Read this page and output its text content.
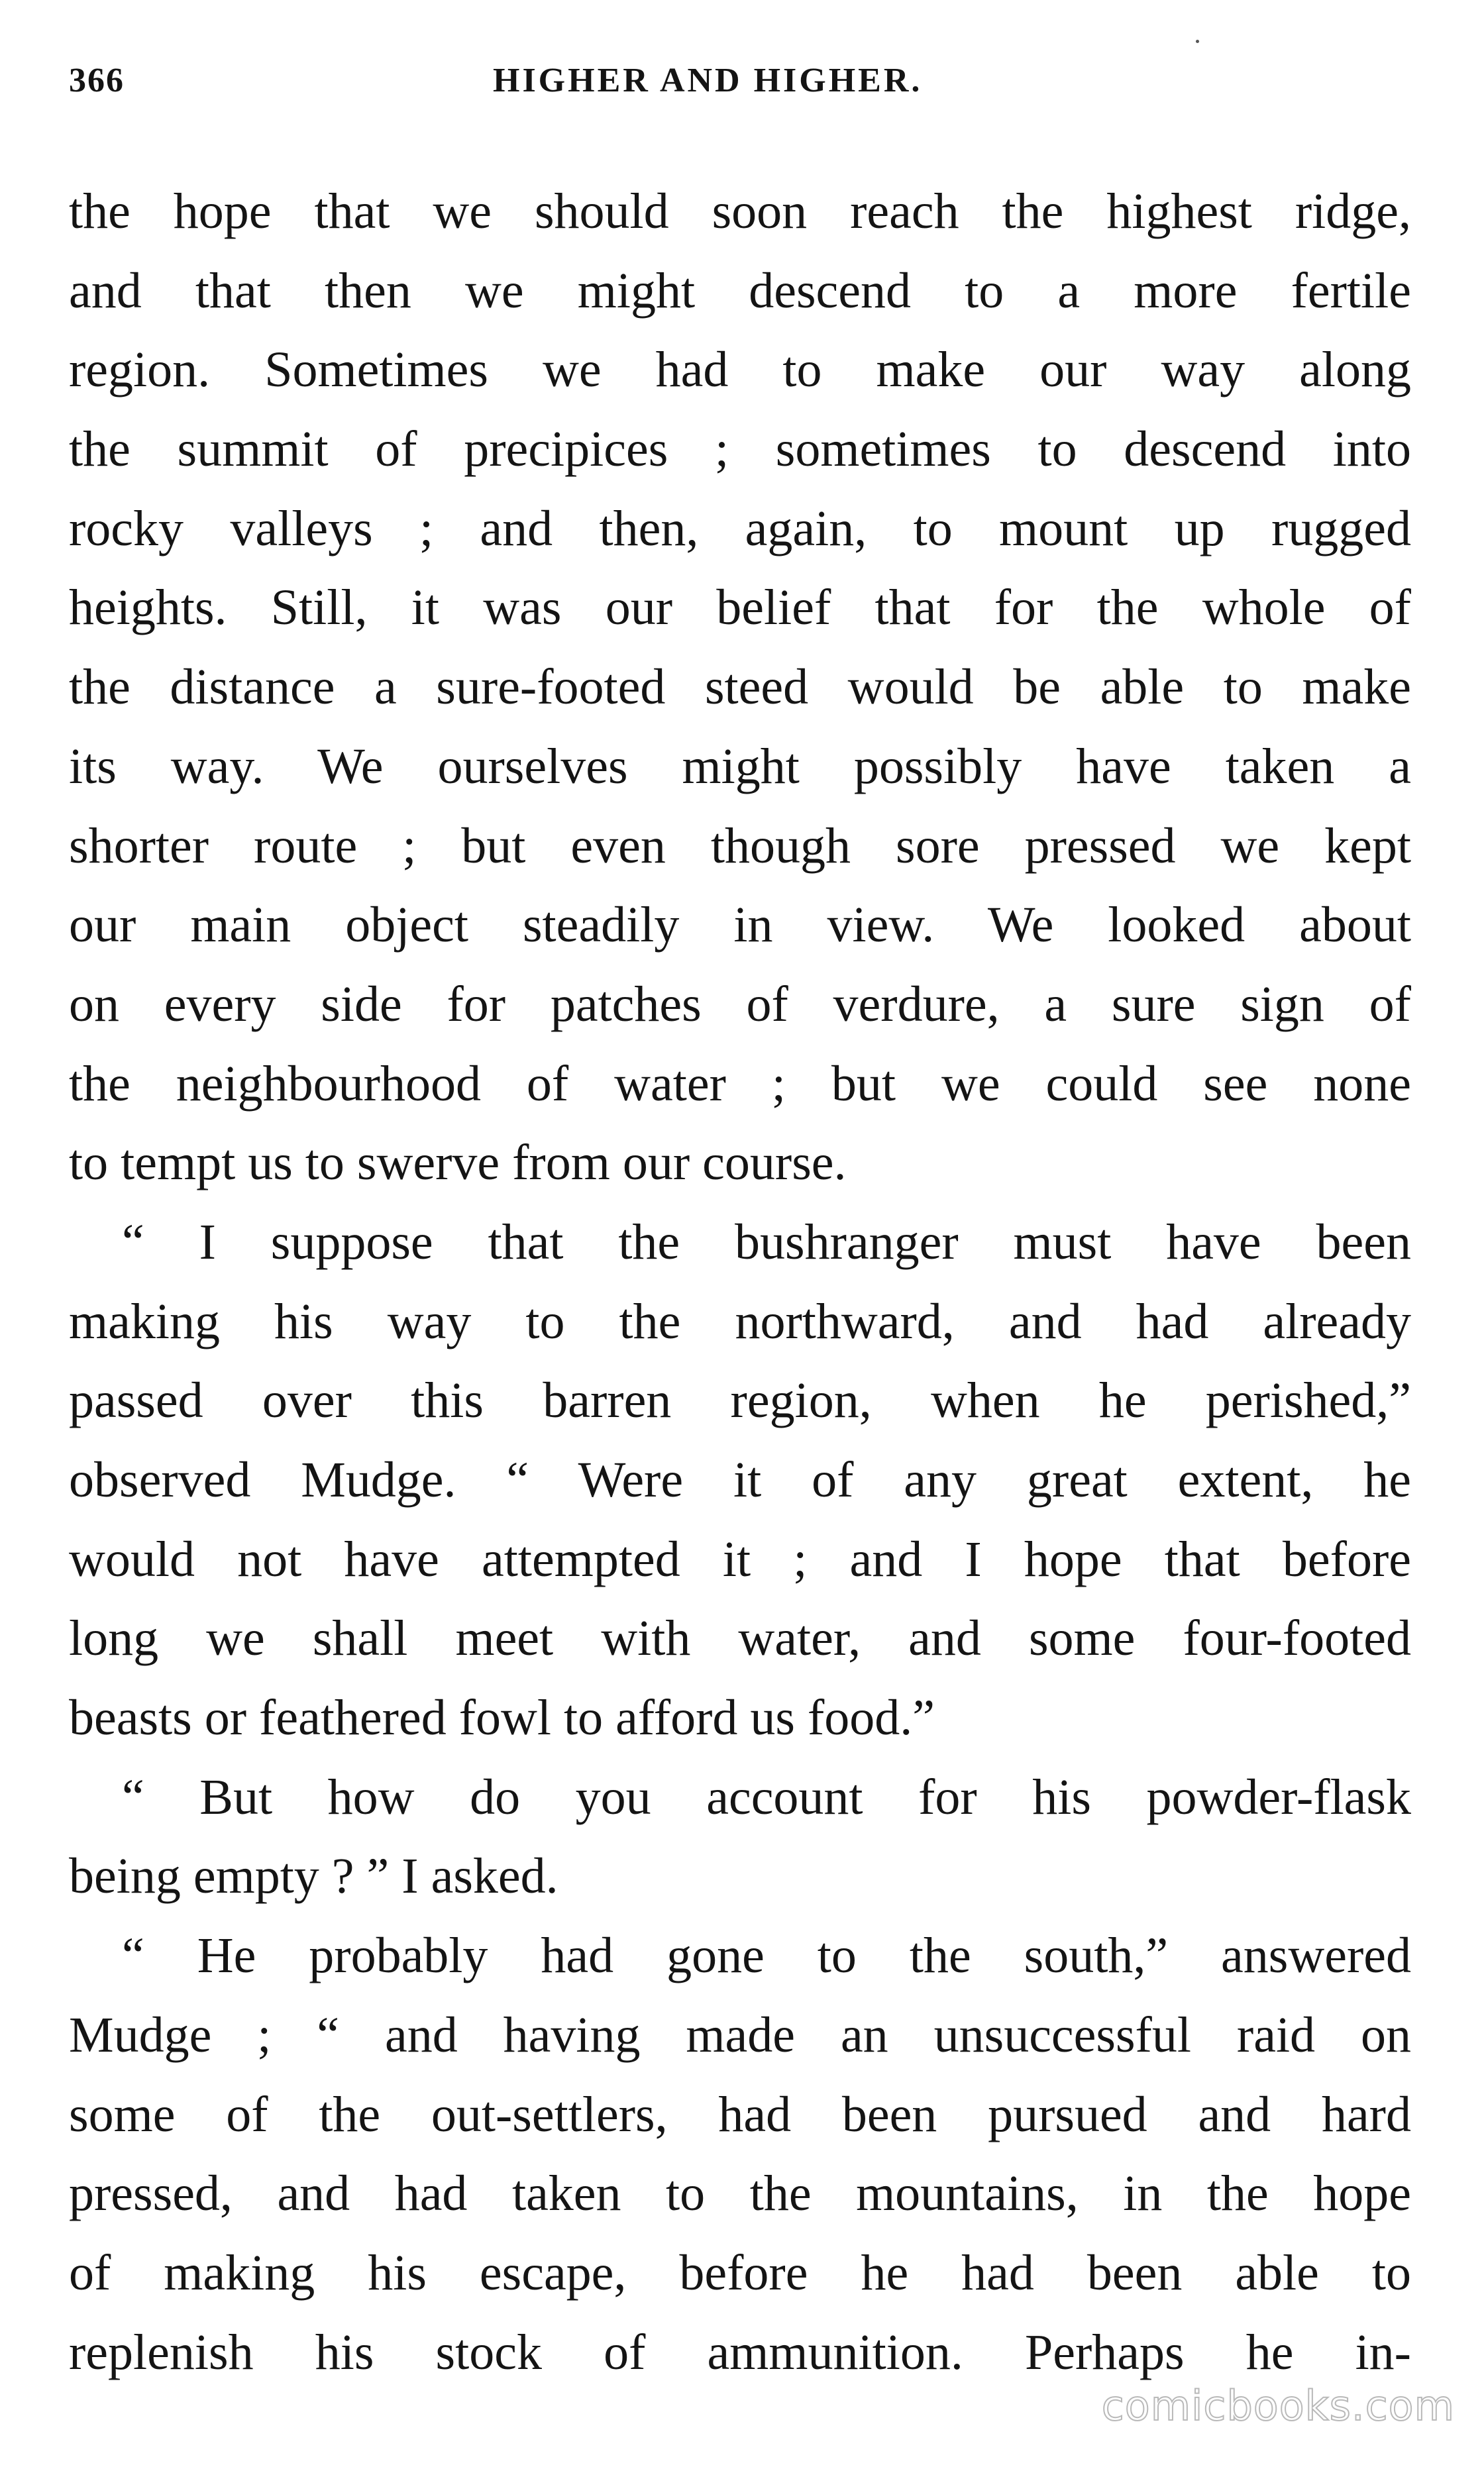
366	HIGHER AND HIGHER.
the hope that we should soon reach the highest ridge,
and that then we might descend to a more fertile
region. Sometimes we had to make our way along
the summit of precipices ; sometimes to descend into
rocky valleys ; and then, again, to mount up rugged
heights. Still, it was our belief that for the whole of
the distance a sure-footed steed would be able to make
its way. We ourselves might possibly have taken a
shorter route ; but even though sore pressed we kept
our main object steadily in view. We looked about
on every side for patches of verdure, a sure sign of
the neighbourhood of water ; but we could see none
to tempt us to swerve from our course.
“ I suppose that the bushranger must have been
making his way to the northward, and had already
passed over this barren region, when he perished,”
observed Mudge. “ Were it of any great extent, he
would not have attempted it ; and I hope that before
long we shall meet with water, and some four-footed
beasts or feathered fowl to afford us food.”
“ But how do you account for his powder-flask
being empty ? ” I asked.
“ He probably had gone to the south,” answered
Mudge ; “ and having made an unsuccessful raid on
some of the out-settlers, had been pursued and hard
pressed, and had taken to the mountains, in the hope
of making his escape, before he had been able to
replenish his stock of ammunition. Perhaps he in-
comicbooks.com
